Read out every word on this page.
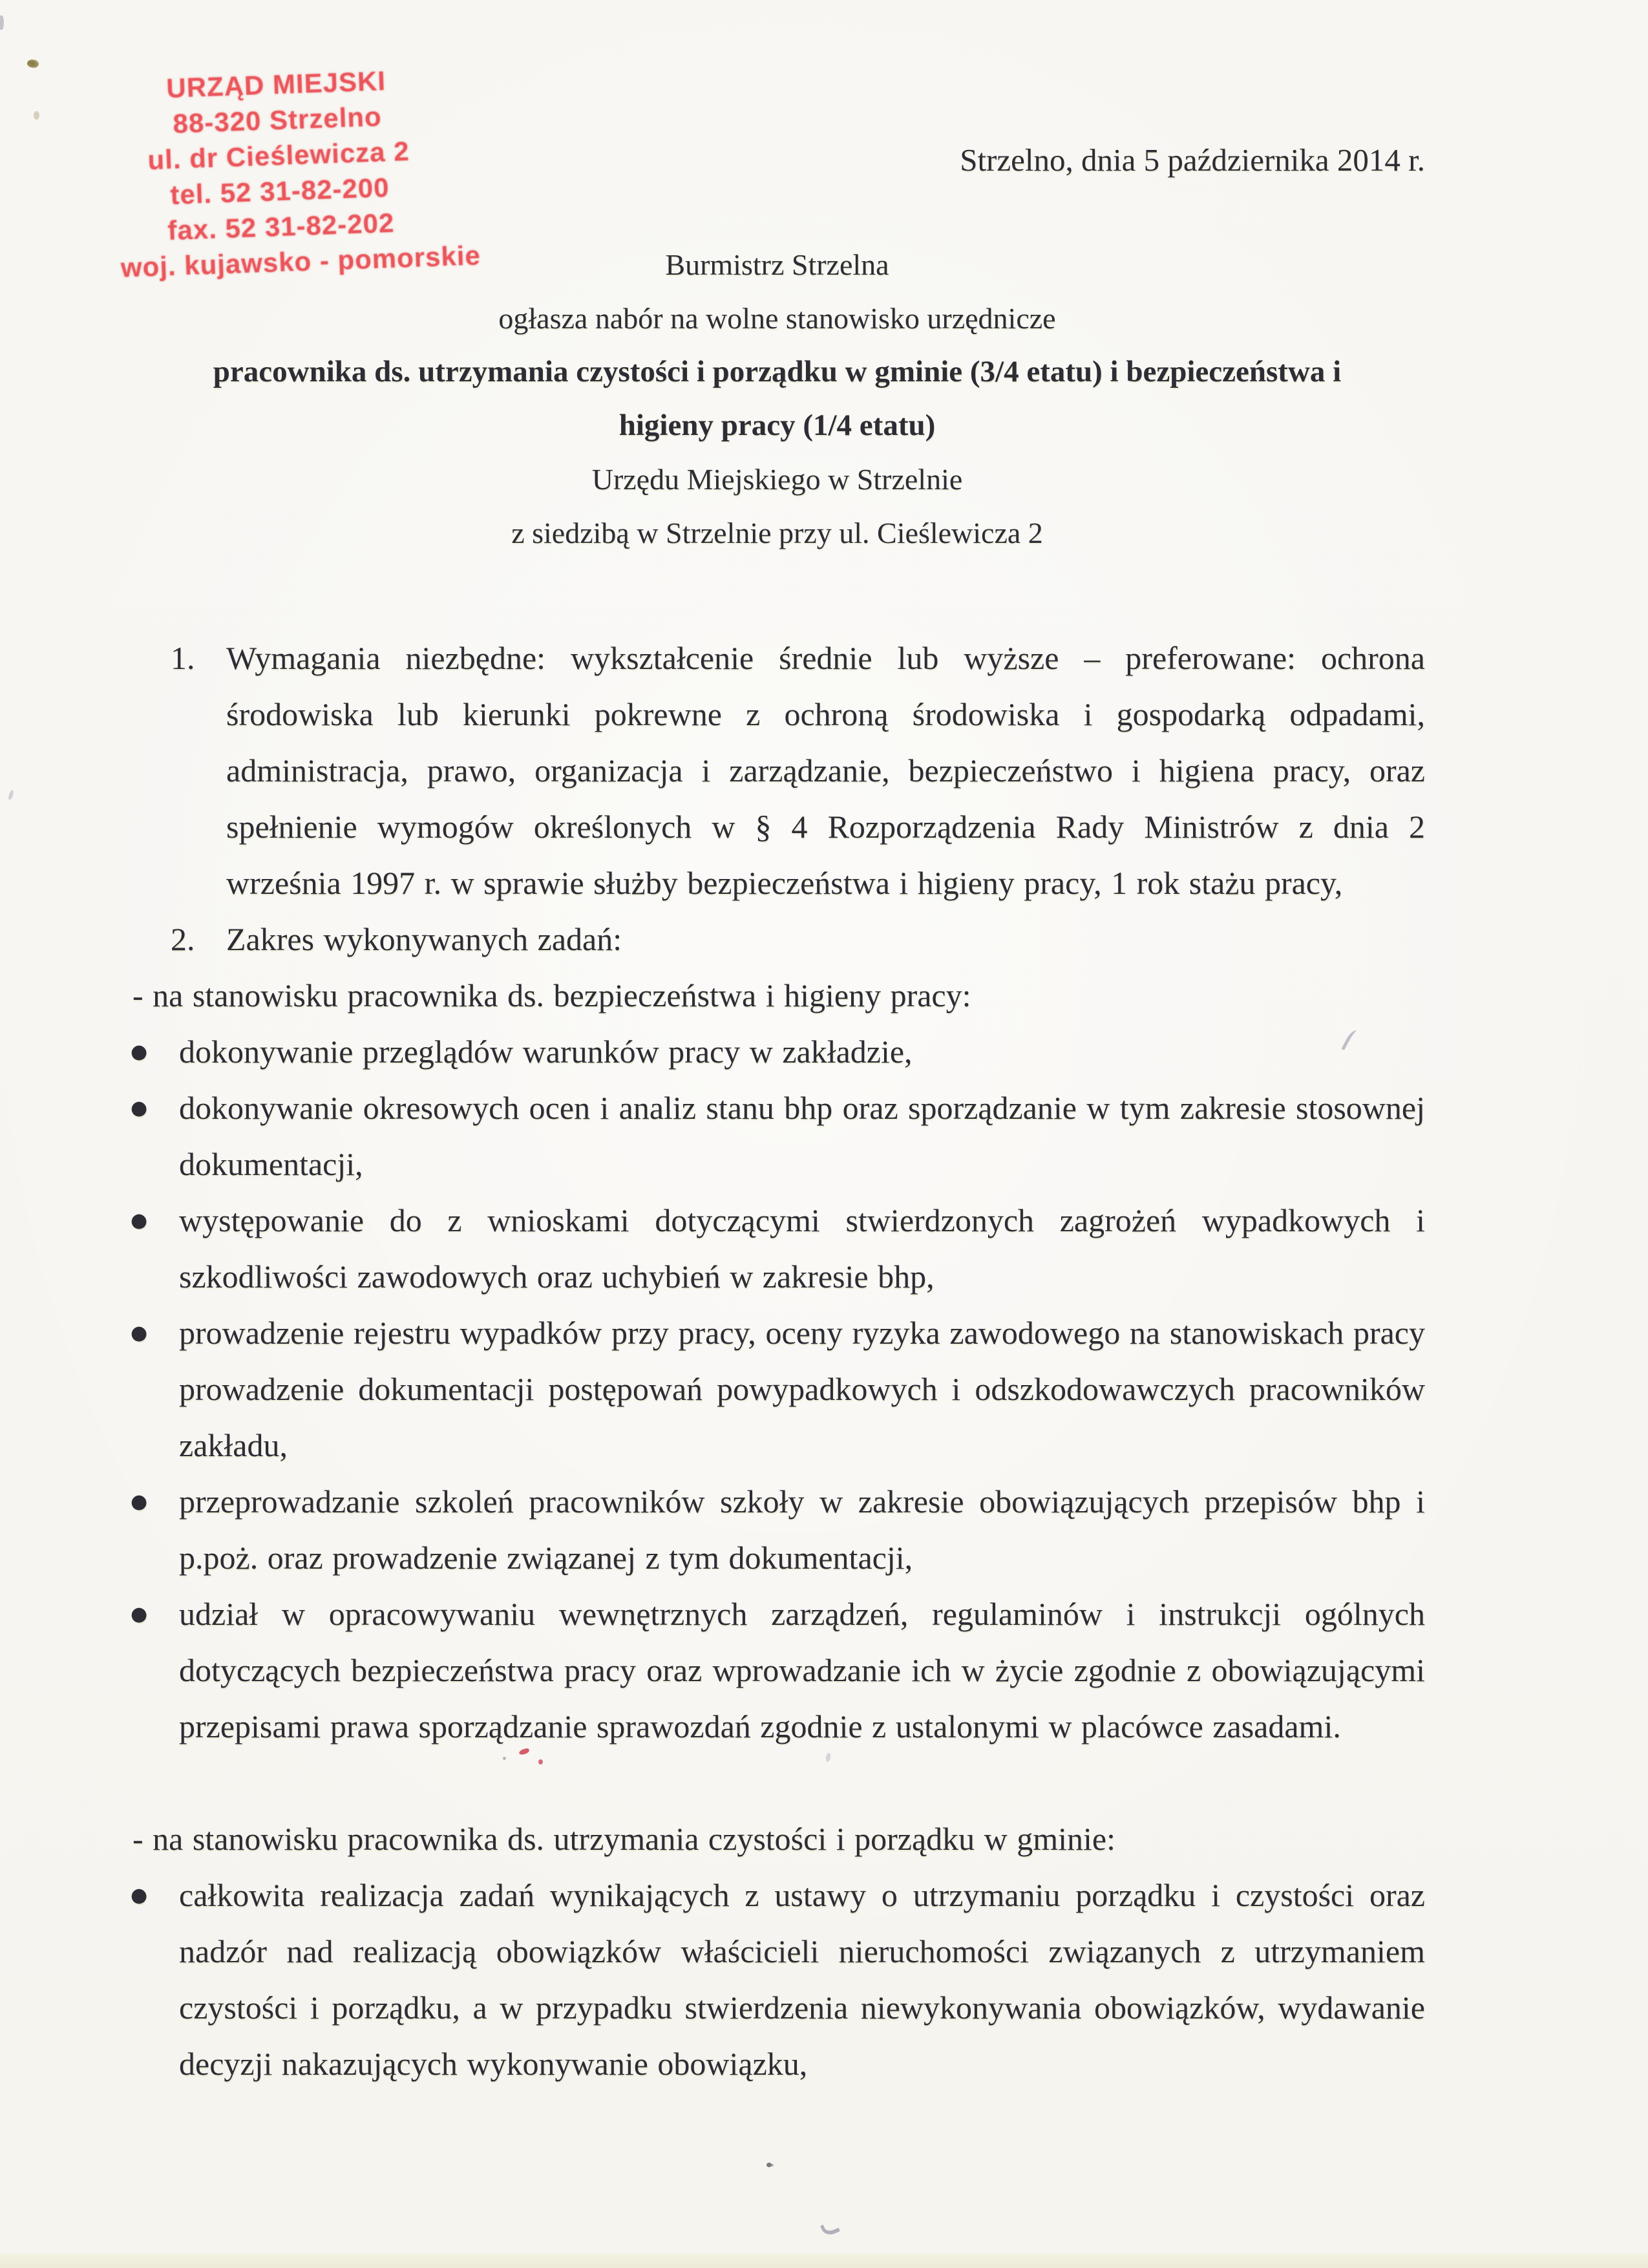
URZĄD MIEJSKI
88-320 Strzelno
ul. dr Cieślewicza 2
tel. 52 31-82-200
fax. 52 31-82-202
woj. kujawsko - pomorskie
Strzelno, dnia 5 października 2014 r.
Burmistrz Strzelna
ogłasza nabór na wolne stanowisko urzędnicze
pracownika ds. utrzymania czystości i porządku w gminie (3/4 etatu) i bezpieczeństwa i
higieny pracy (1/4 etatu)
Urzędu Miejskiego w Strzelnie
z siedzibą w Strzelnie przy ul. Cieślewicza 2
1. Wymagania niezbędne: wykształcenie średnie lub wyższe – preferowane: ochrona środowiska lub kierunki pokrewne z ochroną środowiska i gospodarką odpadami, administracja, prawo, organizacja i zarządzanie, bezpieczeństwo i higiena pracy, oraz spełnienie wymogów określonych w § 4 Rozporządzenia Rady Ministrów z dnia 2 września 1997 r. w sprawie służby bezpieczeństwa i higieny pracy, 1 rok stażu pracy,
2. Zakres wykonywanych zadań:
- na stanowisku pracownika ds. bezpieczeństwa i higieny pracy:
● dokonywanie przeglądów warunków pracy w zakładzie,
● dokonywanie okresowych ocen i analiz stanu bhp oraz sporządzanie w tym zakresie stosownej dokumentacji,
● występowanie do z wnioskami dotyczącymi stwierdzonych zagrożeń wypadkowych i szkodliwości zawodowych oraz uchybień w zakresie bhp,
● prowadzenie rejestru wypadków przy pracy, oceny ryzyka zawodowego na stanowiskach pracy prowadzenie dokumentacji postępowań powypadkowych i odszkodowawczych pracowników zakładu,
● przeprowadzanie szkoleń pracowników szkoły w zakresie obowiązujących przepisów bhp i p.poż. oraz prowadzenie związanej z tym dokumentacji,
● udział w opracowywaniu wewnętrznych zarządzeń, regulaminów i instrukcji ogólnych dotyczących bezpieczeństwa pracy oraz wprowadzanie ich w życie zgodnie z obowiązującymi przepisami prawa sporządzanie sprawozdań zgodnie z ustalonymi w placówce zasadami.
- na stanowisku pracownika ds. utrzymania czystości i porządku w gminie:
● całkowita realizacja zadań wynikających z ustawy o utrzymaniu porządku i czystości oraz nadzór nad realizacją obowiązków właścicieli nieruchomości związanych z utrzymaniem czystości i porządku, a w przypadku stwierdzenia niewykonywania obowiązków, wydawanie decyzji nakazujących wykonywanie obowiązku,
